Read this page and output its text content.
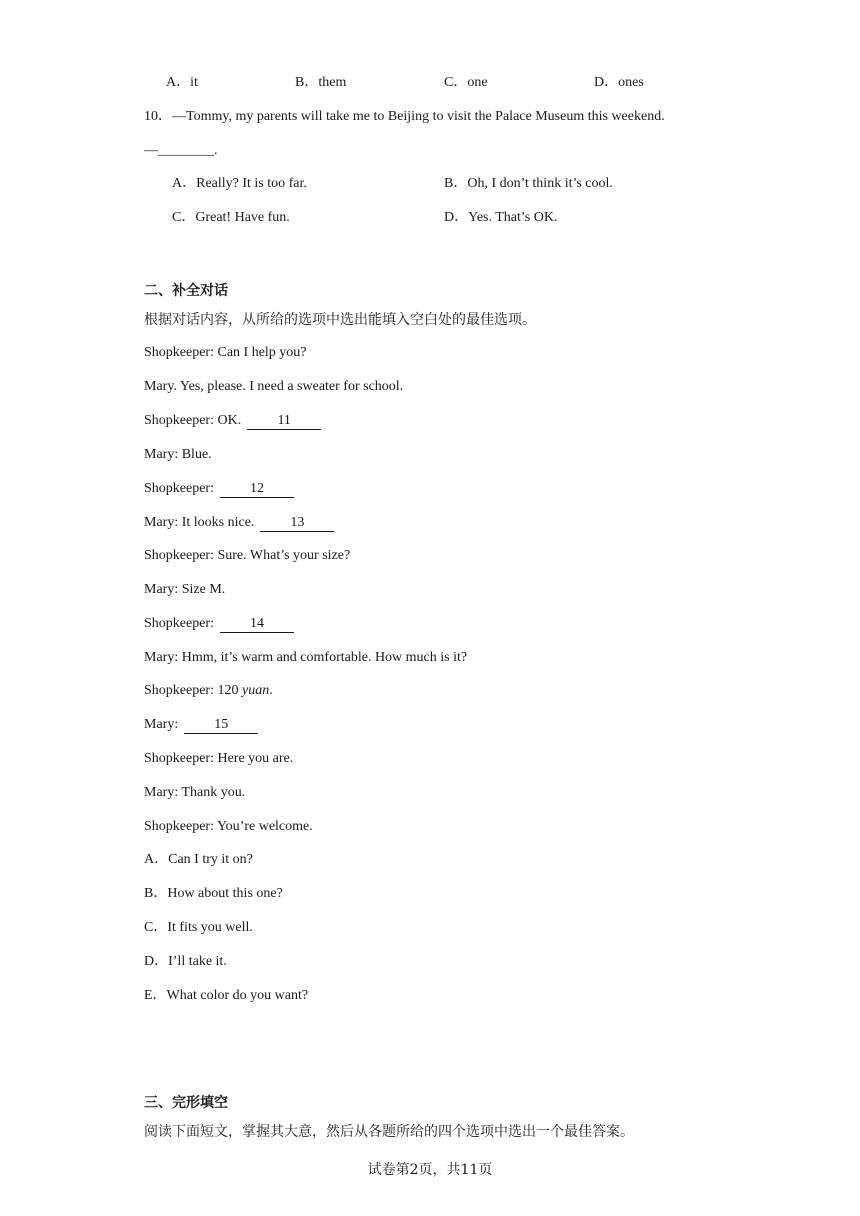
A．it	B．them	C．one	D．ones
10．—Tommy, my parents will take me to Beijing to visit the Palace Museum this weekend.
—________.
A．Really? It is too far.	B．Oh, I don’t think it’s cool.
C．Great! Have fun.	D．Yes. That’s OK.
二、补全对话
根据对话内容，从所给的选项中选出能填入空白处的最佳选项。
Shopkeeper: Can I help you?
Mary. Yes, please. I need a sweater for school.
Shopkeeper: OK.	11
Mary: Blue.
Shopkeeper:	12
Mary: It looks nice.	13
Shopkeeper: Sure. What’s your size?
Mary: Size M.
Shopkeeper:	14
Mary: Hmm, it’s warm and comfortable. How much is it?
Shopkeeper: 120 yuan.
Mary:	15
Shopkeeper: Here you are.
Mary: Thank you.
Shopkeeper: You’re welcome.
A．Can I try it on?
B．How about this one?
C．It fits you well.
D．I’ll take it.
E．What color do you want?
三、完形填空
阅读下面短文，掌握其大意，然后从各题所给的四个选项中选出一个最佳答案。
试卷第2页，共11页
